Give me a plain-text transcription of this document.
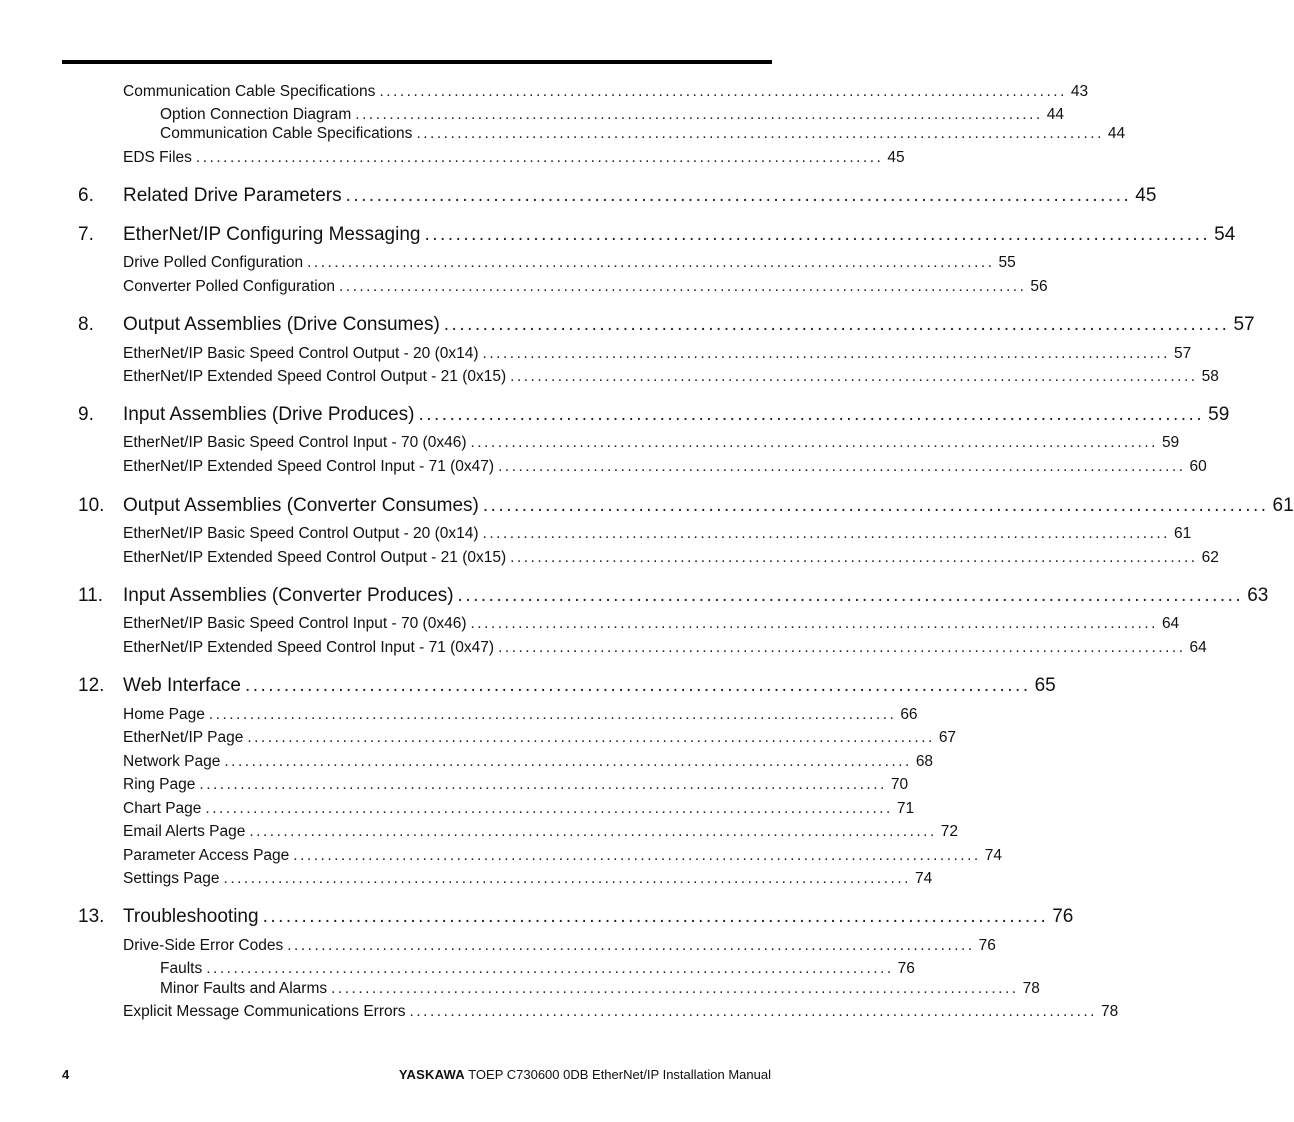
Communication Cable Specifications ..................................................................................................... 43
Option Connection Diagram ..................................................................................................... 44
Communication Cable Specifications ..................................................................................................... 44
EDS Files ..................................................................................................... 45
6. Related Drive Parameters ..................................................................................................... 45
7. EtherNet/IP Configuring Messaging ..................................................................................................... 54
Drive Polled Configuration ..................................................................................................... 55
Converter Polled Configuration ..................................................................................................... 56
8. Output Assemblies (Drive Consumes) ..................................................................................................... 57
EtherNet/IP Basic Speed Control Output - 20 (0x14) ..................................................................................................... 57
EtherNet/IP Extended Speed Control Output - 21 (0x15) ..................................................................................................... 58
9. Input Assemblies (Drive Produces) ..................................................................................................... 59
EtherNet/IP Basic Speed Control Input - 70 (0x46) ..................................................................................................... 59
EtherNet/IP Extended Speed Control Input - 71 (0x47) ..................................................................................................... 60
10. Output Assemblies (Converter Consumes) ..................................................................................................... 61
EtherNet/IP Basic Speed Control Output - 20 (0x14) ..................................................................................................... 61
EtherNet/IP Extended Speed Control Output - 21 (0x15) ..................................................................................................... 62
11. Input Assemblies (Converter Produces) ..................................................................................................... 63
EtherNet/IP Basic Speed Control Input - 70 (0x46) ..................................................................................................... 64
EtherNet/IP Extended Speed Control Input - 71 (0x47) ..................................................................................................... 64
12. Web Interface ..................................................................................................... 65
Home Page ..................................................................................................... 66
EtherNet/IP Page ..................................................................................................... 67
Network Page ..................................................................................................... 68
Ring Page ..................................................................................................... 70
Chart Page ..................................................................................................... 71
Email Alerts Page ..................................................................................................... 72
Parameter Access Page ..................................................................................................... 74
Settings Page ..................................................................................................... 74
13. Troubleshooting ..................................................................................................... 76
Drive-Side Error Codes ..................................................................................................... 76
Faults ..................................................................................................... 76
Minor Faults and Alarms ..................................................................................................... 78
Explicit Message Communications Errors ..................................................................................................... 78
4	YASKAWA TOEP C730600 0DB EtherNet/IP Installation Manual
